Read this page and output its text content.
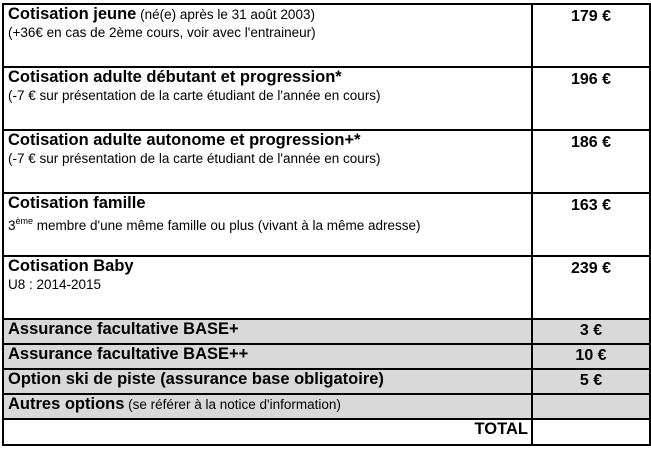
Cotisation jeune (né(e) après le 31 août 2003)
(+36€ en cas de 2ème cours, voir avec l'entraineur)	179 €

Cotisation adulte débutant et progression*
(-7 € sur présentation de la carte étudiant de l'année en cours)	196 €

Cotisation adulte autonome et progression+*
(-7 € sur présentation de la carte étudiant de l'année en cours)	186 €

Cotisation famille
3ème membre d'une même famille ou plus (vivant à la même adresse)	163 €

Cotisation Baby
U8 : 2014-2015	239 €

Assurance facultative BASE+	3 €

Assurance facultative BASE++	10 €

Option ski de piste (assurance base obligatoire)	5 €

Autres options (se référer à la notice d'information)	

TOTAL	
